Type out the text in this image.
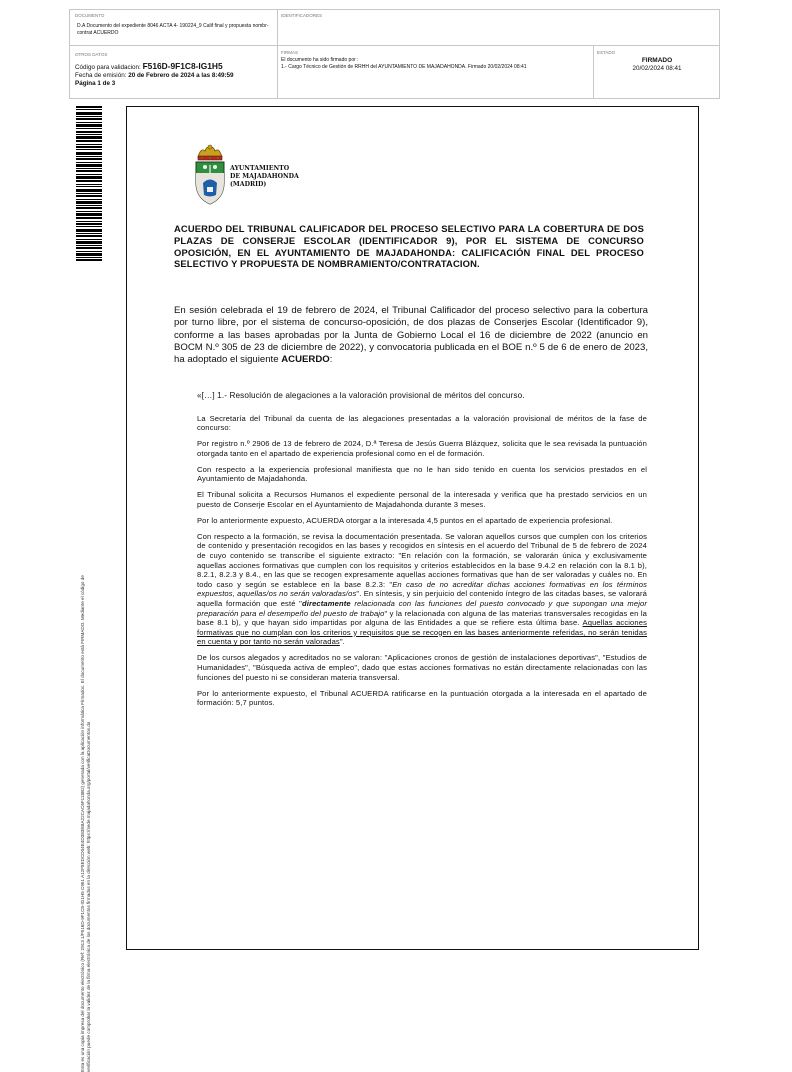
DOCUMENTO
D.A Documento del expediente 8046 ACTA 4- 190224_9 Calif final y propuesta nombr-contrat ACUERDO
IDENTIFICADORES
OTROS DATOS
Código para validacion: F516D-9F1C8-IG1H5
Fecha de emisión: 20 de Febrero de 2024 a las 8:49:59
Página 1 de 3
FIRMAS
El documento ha sido firmado por :
1.- Cargo Técnico de Gestión de RRHH del AYUNTAMIENTO DE MAJADAHONDA. Firmado 20/02/2024 08:41
ESTADO
FIRMADO
20/02/2024 08:41
Esta es una copia impresa del documento electrónico (Ref: 2913 1/F516D-9F1C8-IG1H5 C951 A12F8EDCD04E4D383EBA22CAC6F118B2) generada con la aplicación informática Firmadoc. El documento está FIRMADO. Mediante el código de verificación puede comprobar la validez de la firma electrónica de los documentos firmados en la dirección web: https://sede.majadahonda.org/portal/verificaDocumentos.do
AYUNTAMIENTO
DE MAJADAHONDA
(MADRID)
ACUERDO DEL TRIBUNAL CALIFICADOR DEL PROCESO SELECTIVO PARA LA COBERTURA DE DOS PLAZAS DE CONSERJE ESCOLAR (IDENTIFICADOR 9), POR EL SISTEMA DE CONCURSO OPOSICIÓN, EN EL AYUNTAMIENTO DE MAJADAHONDA: CALIFICACIÓN FINAL DEL PROCESO SELECTIVO Y PROPUESTA DE NOMBRAMIENTO/CONTRATACION.
En sesión celebrada el 19 de febrero de 2024, el Tribunal Calificador del proceso selectivo para la cobertura por turno libre, por el sistema de concurso-oposición, de dos plazas de Conserjes Escolar (Identificador 9), conforme a las bases aprobadas por la Junta de Gobierno Local el 16 de diciembre de 2022 (anuncio en BOCM N.º 305 de 23 de diciembre de 2022), y convocatoria publicada en el BOE n.º 5 de 6 de enero de 2023, ha adoptado el siguiente ACUERDO:

«[…] 1.- Resolución de alegaciones a la valoración provisional de méritos del concurso.

La Secretaría del Tribunal da cuenta de las alegaciones presentadas a la valoración provisional de méritos de la fase de concurso:

Por registro n.º 2906 de 13 de febrero de 2024, D.ª Teresa de Jesús Guerra Blázquez, solicita que le sea revisada la puntuación otorgada tanto en el apartado de experiencia profesional como en el de formación.

Con respecto a la experiencia profesional manifiesta que no le han sido tenido en cuenta los servicios prestados en el Ayuntamiento de Majadahonda.

El Tribunal solicita a Recursos Humanos el expediente personal de la interesada y verifica que ha prestado servicios en un puesto de Conserje Escolar en el Ayuntamiento de Majadahonda durante 3 meses.

Por lo anteriormente expuesto, ACUERDA otorgar a la interesada 4,5 puntos en el apartado de experiencia profesional.

Con respecto a la formación, se revisa la documentación presentada. Se valoran aquellos cursos que cumplen con los criterios de contenido y presentación recogidos en las bases y recogidos en síntesis en el acuerdo del Tribunal de 5 de febrero de 2024 de cuyo contenido se transcribe el siguiente extracto: "En relación con la formación, se valorarán única y exclusivamente aquellas acciones formativas que cumplen con los requisitos y criterios establecidos en la base 9.4.2 en relación con la 8.1 b), 8.2.1, 8.2.3 y 8.4., en las que se recogen expresamente aquellas acciones formativas que han de ser valoradas y cuáles no. En todo caso y según se establece en la base 8.2.3: "En caso de no acreditar dichas acciones formativas en los términos expuestos, aquellas/os no serán valoradas/os". En síntesis, y sin perjuicio del contenido íntegro de las citadas bases, se valorará aquella formación que esté "directamente relacionada con las funciones del puesto convocado y que supongan una mejor preparación para el desempeño del puesto de trabajo" y la relacionada con alguna de las materias transversales recogidas en la base 8.1 b), y que hayan sido impartidas por alguna de las Entidades a que se refiere esta última base. Aquellas acciones formativas que no cumplan con los criterios y requisitos que se recogen en las bases anteriormente referidas, no serán tenidas en cuenta y por tanto no serán valoradas".

De los cursos alegados y acreditados no se valoran: "Aplicaciones cronos de gestión de instalaciones deportivas", "Estudios de Humanidades", "Búsqueda activa de empleo", dado que estas acciones formativas no están directamente relacionadas con las funciones del puesto ni se consideran materia transversal.

Por lo anteriormente expuesto, el Tribunal ACUERDA ratificarse en la puntuación otorgada a la interesada en el apartado de formación: 5,7 puntos.
